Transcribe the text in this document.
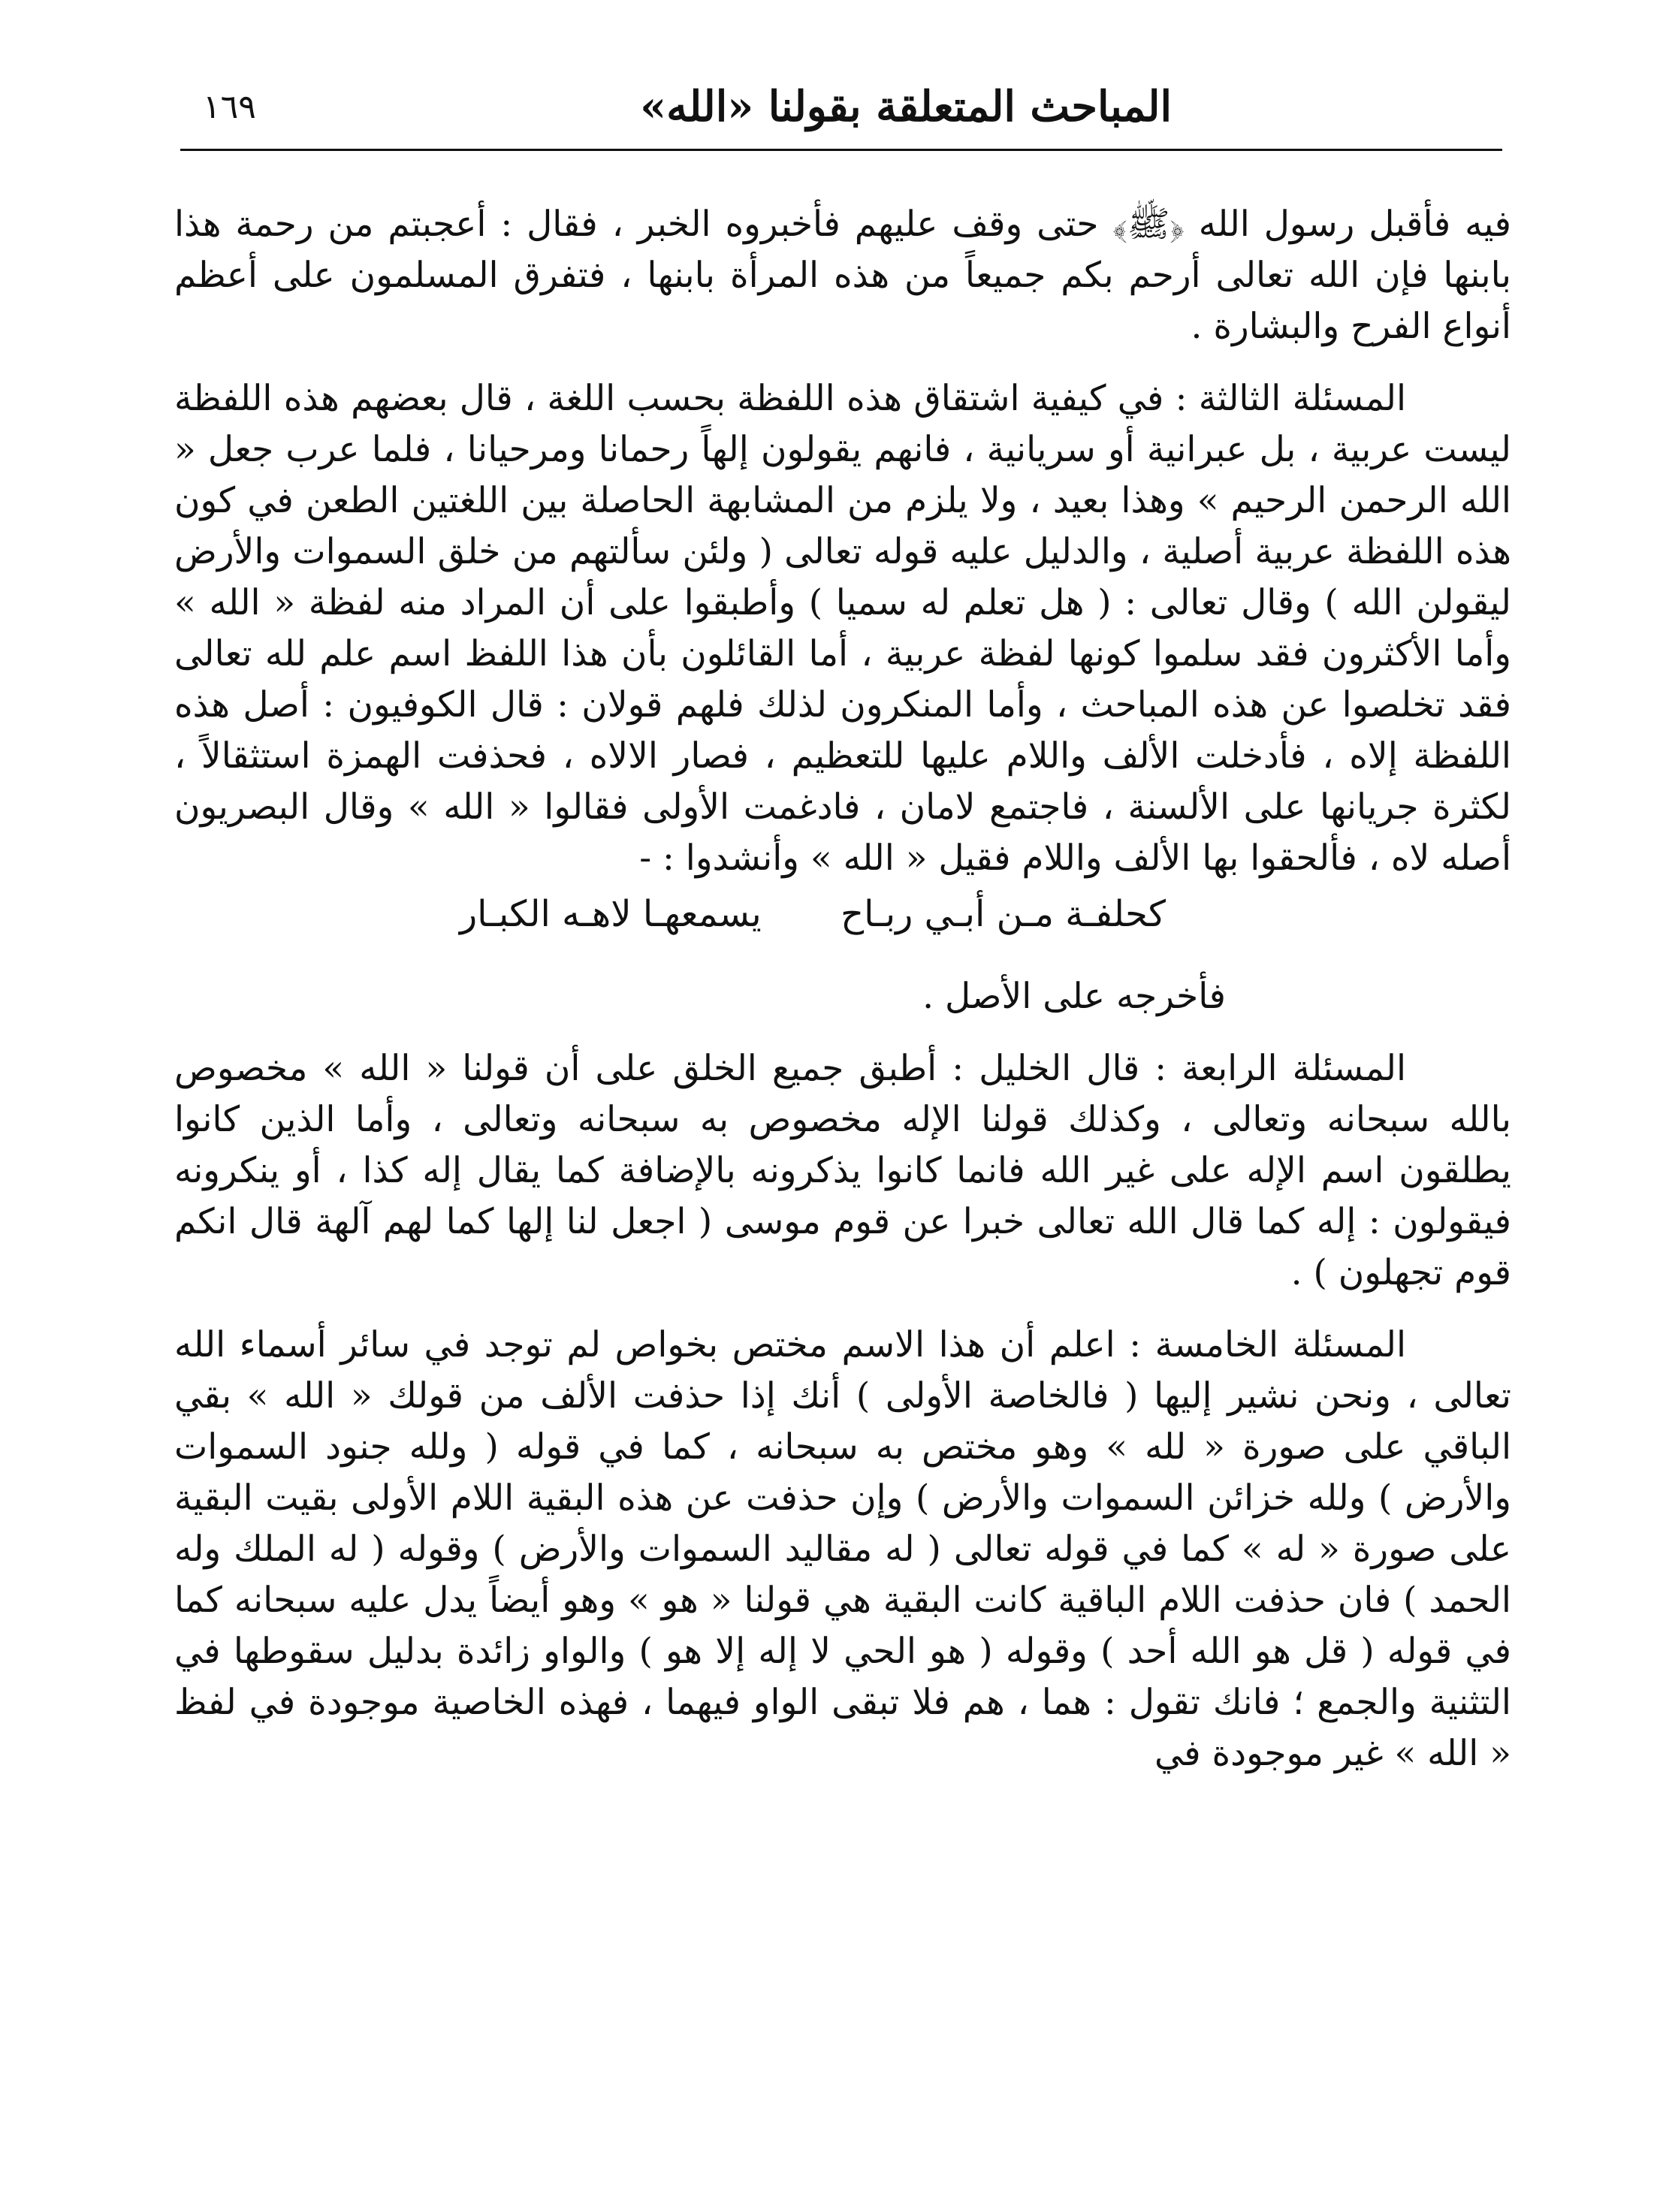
المباحث المتعلقة بقولنا «الله»
١٦٩

فيه فأقبل رسول الله ﴿ﷺ﴾ حتى وقف عليهم فأخبروه الخبر ، فقال : أعجبتم من رحمة هذا بابنها فإن الله تعالى أرحم بكم جميعاً من هذه المرأة بابنها ، فتفرق المسلمون على أعظم أنواع الفرح والبشارة .

المسئلة الثالثة : في كيفية اشتقاق هذه اللفظة بحسب اللغة ، قال بعضهم هذه اللفظة ليست عربية ، بل عبرانية أو سريانية ، فانهم يقولون إلهاً رحمانا ومرحيانا ، فلما عرب جعل « الله الرحمن الرحيم » وهذا بعيد ، ولا يلزم من المشابهة الحاصلة بين اللغتين الطعن في كون هذه اللفظة عربية أصلية ، والدليل عليه قوله تعالى ( ولئن سألتهم من خلق السموات والأرض ليقولن الله ) وقال تعالى : ( هل تعلم له سميا ) وأطبقوا على أن المراد منه لفظة « الله » وأما الأكثرون فقد سلموا كونها لفظة عربية ، أما القائلون بأن هذا اللفظ اسم علم لله تعالى فقد تخلصوا عن هذه المباحث ، وأما المنكرون لذلك فلهم قولان : قال الكوفيون : أصل هذه اللفظة إلاه ، فأدخلت الألف واللام عليها للتعظيم ، فصار الالاه ، فحذفت الهمزة استثقالاً ، لكثرة جريانها على الألسنة ، فاجتمع لامان ، فادغمت الأولى فقالوا « الله » وقال البصريون أصله لاه ، فألحقوا بها الألف واللام فقيل « الله » وأنشدوا : -

كحلفـة مـن أبـي ربـاح
يسمعهـا لاهـه الكبـار

فأخرجه على الأصل .

المسئلة الرابعة : قال الخليل : أطبق جميع الخلق على أن قولنا « الله » مخصوص بالله سبحانه وتعالى ، وكذلك قولنا الإله مخصوص به سبحانه وتعالى ، وأما الذين كانوا يطلقون اسم الإله على غير الله فانما كانوا يذكرونه بالإضافة كما يقال إله كذا ، أو ينكرونه فيقولون : إله كما قال الله تعالى خبرا عن قوم موسى ( اجعل لنا إلها كما لهم آلهة قال انكم قوم تجهلون ) .

المسئلة الخامسة : اعلم أن هذا الاسم مختص بخواص لم توجد في سائر أسماء الله تعالى ، ونحن نشير إليها ( فالخاصة الأولى ) أنك إذا حذفت الألف من قولك « الله » بقي الباقي على صورة « لله » وهو مختص به سبحانه ، كما في قوله ( ولله جنود السموات والأرض ) ولله خزائن السموات والأرض ) وإن حذفت عن هذه البقية اللام الأولى بقيت البقية على صورة « له » كما في قوله تعالى ( له مقاليد السموات والأرض ) وقوله ( له الملك وله الحمد ) فان حذفت اللام الباقية كانت البقية هي قولنا « هو » وهو أيضاً يدل عليه سبحانه كما في قوله ( قل هو الله أحد ) وقوله ( هو الحي لا إله إلا هو ) والواو زائدة بدليل سقوطها في التثنية والجمع ؛ فانك تقول : هما ، هم فلا تبقى الواو فيهما ، فهذه الخاصية موجودة في لفظ « الله » غير موجودة في
